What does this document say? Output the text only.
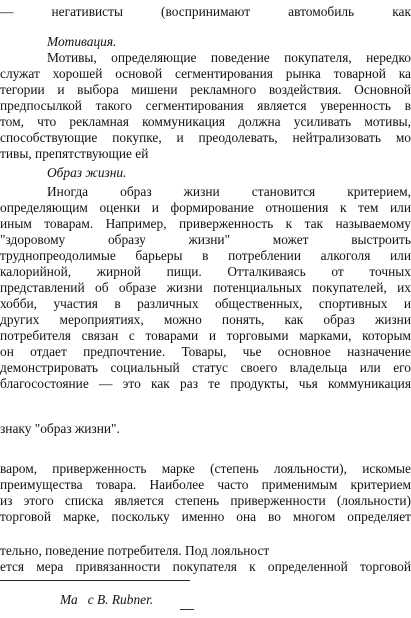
— негативисты (воспринимают автомобиль как
Мотивация.
Мотивы, определяющие поведение покупателя, нередко
служат хорошей основой сегментирования рынка товарной ка
тегории и выбора мишени рекламного воздействия. Основной
предпосылкой такого сегментирования является уверенность в
том, что рекламная коммуникация должна усиливать мотивы,
способствующие покупке, и преодолевать, нейтрализовать мо
тивы, препятствующие ей
Образ жизни.
Иногда образ жизни становится критерием,
определяющим оценки и формирование отношения к тем или
иным товарам. Например, приверженность к так называемому
"здоровому образу жизни" может выстроить
труднопреодолимые барьеры в потреблении алкоголя или
калорийной, жирной пищи. Отталкиваясь от точных
представлений об образе жизни потенциальных покупателей, их
хобби, участия в различных общественных, спортивных и
других мероприятиях, можно понять, как образ жизни
потребителя связан с товарами и торговыми марками, которым
он отдает предпочтение. Товары, чье основное назначение
демонстрировать социальный статус своего владельца или его
благосостояние — это как раз те продукты, чья коммуникация
знаку "образ жизни".
варом, приверженность марке (степень лояльности), искомые
преимущества товара. Наиболее часто применимым критерием
из этого списка является степень приверженности (лояльности)
торговой марке, поскольку именно она во многом определяет
тельно, поведение потребителя. Под лояльност
ется мера привязанности покупателя к определенной торговой
Ма   с В. Rubner.
